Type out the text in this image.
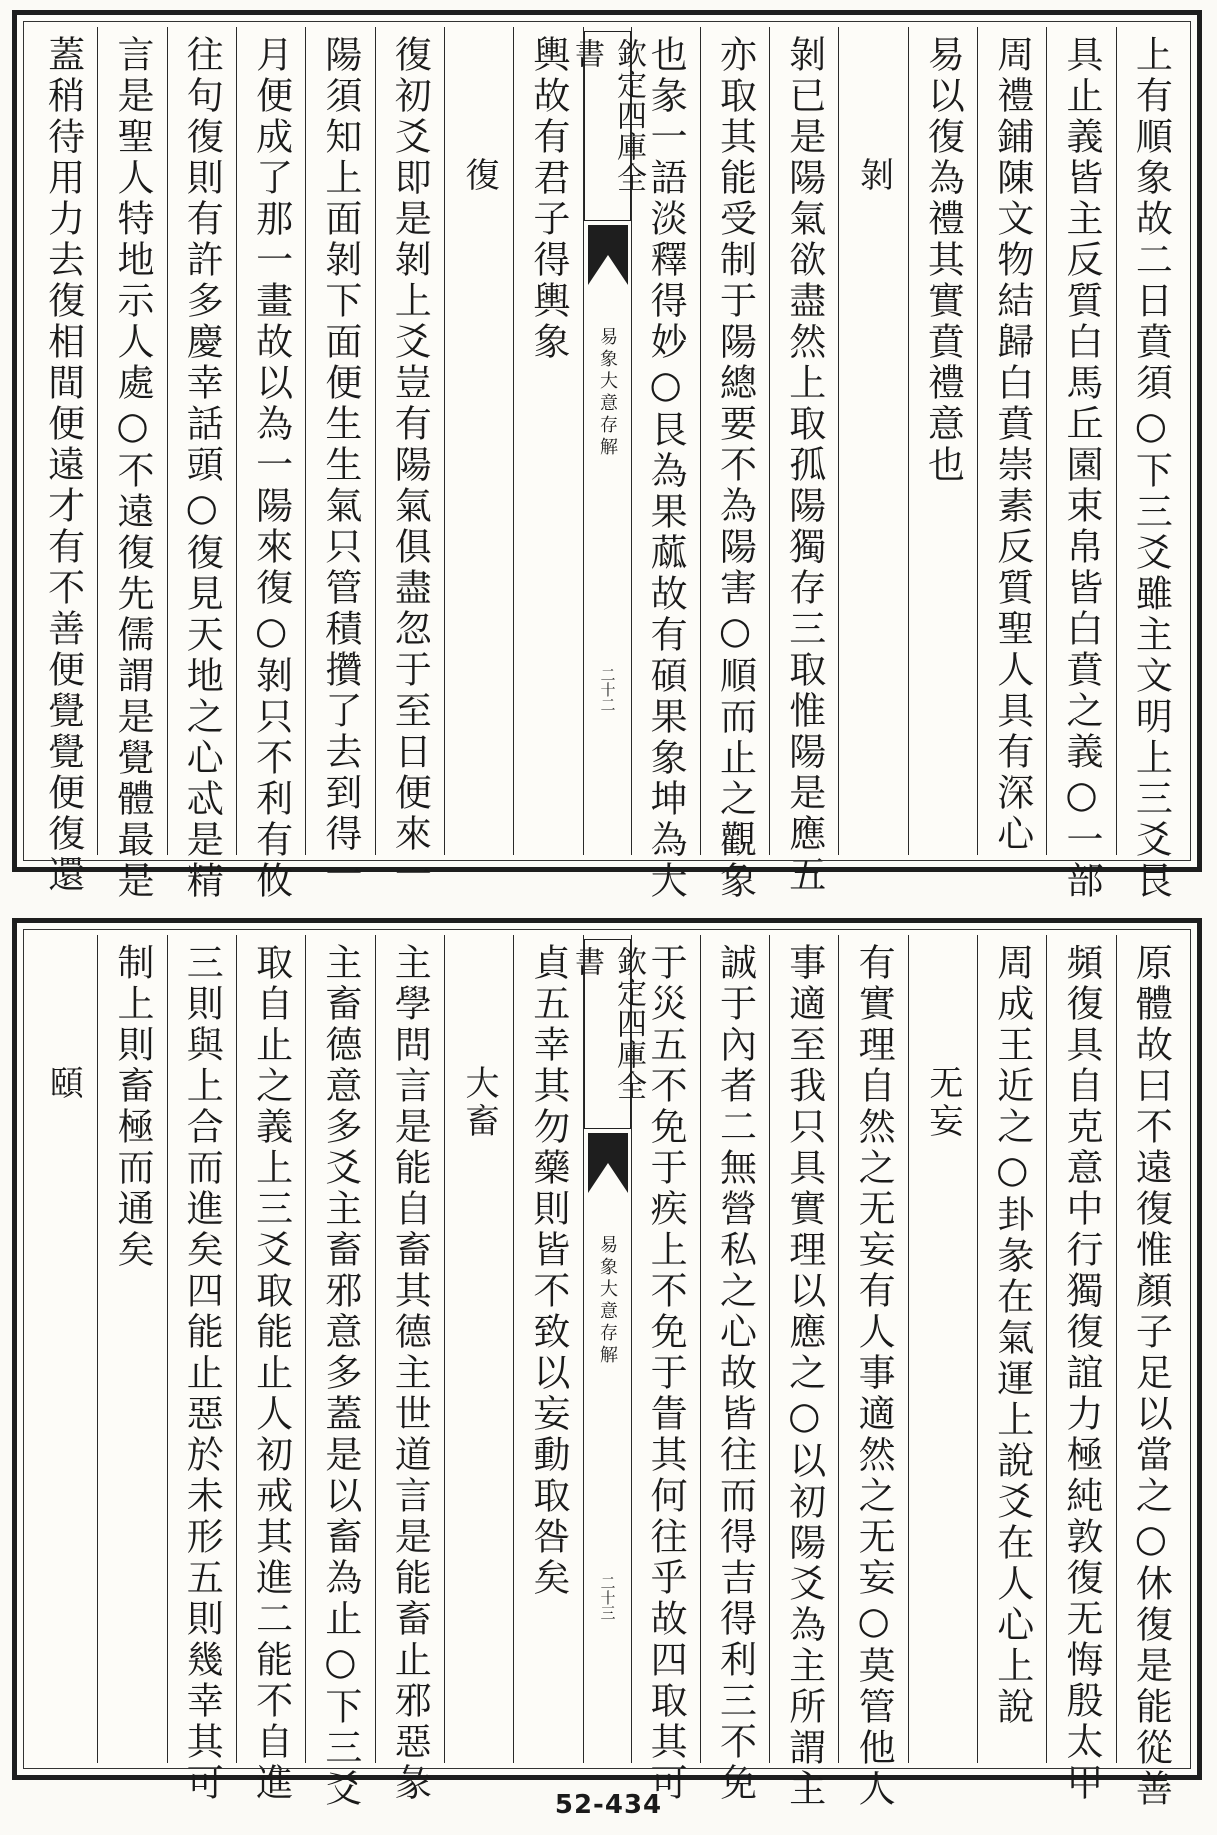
上有順象故二日賁須○下三爻雖主文明上三爻艮
具止義皆主反質白馬丘園束帛皆白賁之義○一部
周禮鋪陳文物結歸白賁崇素反質聖人具有深心
易以復為禮其實賁禮意也
剝
剝已是陽氣欲盡然上取孤陽獨存三取惟陽是應五
亦取其能受制于陽總要不為陽害○順而止之觀象
也彖一語淡釋得妙○艮為果蓏故有碩果象坤為大
欽定四庫全書
易象大意存解
二十二
輿故有君子得輿象
復
復初爻即是剝上爻豈有陽氣俱盡忽于至日便來一
陽須知上面剝下面便生生氣只管積攢了去到得一
月便成了那一畫故以為一陽來復○剝只不利有攸
往句復則有許多慶幸話頭○復見天地之心忒是精
言是聖人特地示人處○不遠復先儒謂是覺體最是
蓋稍待用力去復相間便遠才有不善便覺覺便復還
原體故曰不遠復惟顏子足以當之○休復是能從善
頻復具自克意中行獨復誼力極純敦復无悔殷太甲
周成王近之○卦彖在氣運上說爻在人心上說
无妄
有實理自然之无妄有人事適然之无妄○莫管他人
事適至我只具實理以應之○以初陽爻為主所謂主
誠于內者二無營私之心故皆往而得吉得利三不免
于災五不免于疾上不免于眚其何往乎故四取其可
欽定四庫全書
易象大意存解
二十三
貞五幸其勿藥則皆不致以妄動取咎矣
大畜
主學問言是能自畜其德主世道言是能畜止邪惡彖
主畜德意多爻主畜邪意多蓋是以畜為止○下三爻
取自止之義上三爻取能止人初戒其進二能不自進
三則與上合而進矣四能止惡於未形五則幾幸其可
制上則畜極而通矣
頤
52-434
